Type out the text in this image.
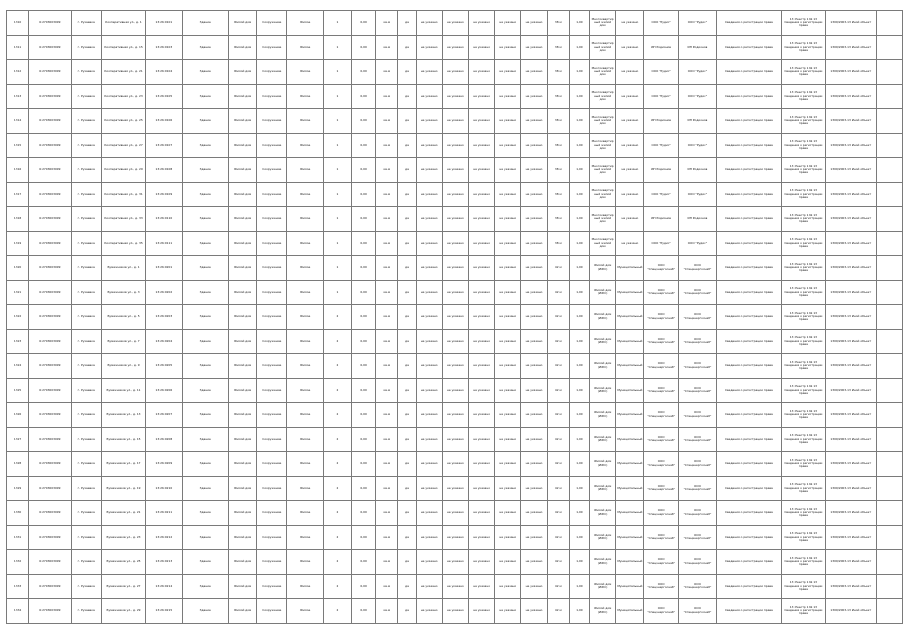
1310	6:2703003099	г. Рузаевка	Кооперативная ул., д. 1	13:26:0101	Здание	Жилой дом	Сооружение	Жилое	1	0,00	кв.м	да	не указано	не указано	не указано	не указано	не указано	38 м	1,00	Многоквартирный жилой дом	не указано	ООО "Рудис"	ООО "Рудис"	Сведения о регистрации права	13 :Реестр 1 № 13 Сведения о регистрации права	1309/2003-13 Иной объект	
1311	6:2703003099	г. Рузаевка	Кооперативная ул., д. 15	13:26:0103	Здание	Жилой дом	Сооружение	Жилое	1	0,00	кв.м	да	не указано	не указано	не указано	не указано	не указано	38 м	1,00	Многоквартирный жилой дом	не указано	ИП Родионов	ИП Родионов	Сведения о регистрации права	13 :Реестр 1 № 13 Сведения о регистрации права	1309/2003-13 Иной объект	
1312	6:2703003099	г. Рузаевка	Кооперативная ул., д. 21	13:26:0104	Здание	Жилой дом	Сооружение	Жилое	1	0,00	кв.м	да	не указано	не указано	не указано	не указано	не указано	38 м	1,00	Многоквартирный жилой дом	не указано	ООО "Рудис"	ООО "Рудис"	Сведения о регистрации права	13 :Реестр 1 № 13 Сведения о регистрации права	1309/2003-13 Иной объект	
1313	6:2703003099	г. Рузаевка	Кооперативная ул., д. 23	13:26:0105	Здание	Жилой дом	Сооружение	Жилое	1	0,00	кв.м	да	не указано	не указано	не указано	не указано	не указано	38 м	1,00	Многоквартирный жилой дом	не указано	ООО "Рудис"	ООО "Рудис"	Сведения о регистрации права	13 :Реестр 1 № 13 Сведения о регистрации права	1309/2003-13 Иной объект	
1314	6:2703003099	г. Рузаевка	Кооперативная ул., д. 25	13:26:0106	Здание	Жилой дом	Сооружение	Жилое	1	0,00	кв.м	да	не указано	не указано	не указано	не указано	не указано	38 м	1,00	Многоквартирный жилой дом	не указано	ИП Родионов	ИП Родионов	Сведения о регистрации права	13 :Реестр 1 № 13 Сведения о регистрации права	1309/2003-13 Иной объект	
1315	6:2703003099	г. Рузаевка	Кооперативная ул., д. 27	13:26:0107	Здание	Жилой дом	Сооружение	Жилое	1	0,00	кв.м	да	не указано	не указано	не указано	не указано	не указано	38 м	1,00	Многоквартирный жилой дом	не указано	ООО "Рудис"	ООО "Рудис"	Сведения о регистрации права	13 :Реестр 1 № 13 Сведения о регистрации права	1309/2003-13 Иной объект	
1316	6:2703003099	г. Рузаевка	Кооперативная ул., д. 29	13:26:0108	Здание	Жилой дом	Сооружение	Жилое	1	0,00	кв.м	да	не указано	не указано	не указано	не указано	не указано	38 м	1,00	Многоквартирный жилой дом	не указано	ИП Родионов	ИП Родионов	Сведения о регистрации права	13 :Реестр 1 № 13 Сведения о регистрации права	1309/2003-13 Иной объект	
1317	6:2703003099	г. Рузаевка	Кооперативная ул., д. 31	13:26:0109	Здание	Жилой дом	Сооружение	Жилое	1	0,00	кв.м	да	не указано	не указано	не указано	не указано	не указано	38 м	1,00	Многоквартирный жилой дом	не указано	ООО "Рудис"	ООО "Рудис"	Сведения о регистрации права	13 :Реестр 1 № 13 Сведения о регистрации права	1309/2003-13 Иной объект	
1318	6:2703003099	г. Рузаевка	Кооперативная ул., д. 33	13:26:0110	Здание	Жилой дом	Сооружение	Жилое	1	0,00	кв.м	да	не указано	не указано	не указано	не указано	не указано	38 м	1,00	Многоквартирный жилой дом	не указано	ИП Родионов	ИП Родионов	Сведения о регистрации права	13 :Реестр 1 № 13 Сведения о регистрации права	1309/2003-13 Иной объект	
1319	6:2703003099	г. Рузаевка	Кооперативная ул., д. 35	13:26:0111	Здание	Жилой дом	Сооружение	Жилое	1	0,00	кв.м	да	не указано	не указано	не указано	не указано	не указано	38 м	1,00	Многоквартирный жилой дом	не указано	ООО "Рудис"	ООО "Рудис"	Сведения о регистрации права	13 :Реестр 1 № 13 Сведения о регистрации права	1309/2003-13 Иной объект	
1320	6:2703003099	г. Рузаевка	Бумажников ул., д. 1	13:26:0201	Здание	Жилой дом	Сооружение	Жилое	1	0,00	кв.м	да	не указано	не указано	не указано	не указано	не указано	42 м	1,00	Жилой дом (ИЖС)	Муниципальный	ООО "Спецэнергоснаб"	ООО "Спецэнергоснаб"	Сведения о регистрации права	13 :Реестр 1 № 13 Сведения о регистрации права	1309/2003-13 Иной объект	
1321	6:2703003099	г. Рузаевка	Бумажников ул., д. 3	13:26:0202	Здание	Жилой дом	Сооружение	Жилое	1	0,00	кв.м	да	не указано	не указано	не указано	не указано	не указано	42 м	1,00	Жилой дом (ИЖС)	Муниципальный	ООО "Спецэнергоснаб"	ООО "Спецэнергоснаб"	Сведения о регистрации права	13 :Реестр 1 № 13 Сведения о регистрации права	1309/2003-13 Иной объект	
1322	6:2703003099	г. Рузаевка	Бумажников ул., д. 5	13:26:0203	Здание	Жилой дом	Сооружение	Жилое	2	0,00	кв.м	да	не указано	не указано	не указано	не указано	не указано	42 м	1,00	Жилой дом (ИЖС)	Муниципальный	ООО "Спецэнергоснаб"	ООО "Спецэнергоснаб"	Сведения о регистрации права	13 :Реестр 1 № 13 Сведения о регистрации права	1309/2003-13 Иной объект	
1323	6:2703003099	г. Рузаевка	Бумажников ул., д. 7	13:26:0204	Здание	Жилой дом	Сооружение	Жилое	2	0,00	кв.м	да	не указано	не указано	не указано	не указано	не указано	42 м	1,00	Жилой дом (ИЖС)	Муниципальный	ООО "Спецэнергоснаб"	ООО "Спецэнергоснаб"	Сведения о регистрации права	13 :Реестр 1 № 13 Сведения о регистрации права	1309/2003-13 Иной объект	
1324	6:2703003099	г. Рузаевка	Бумажников ул., д. 9	13:26:0205	Здание	Жилой дом	Сооружение	Жилое	2	0,00	кв.м	да	не указано	не указано	не указано	не указано	не указано	42 м	1,00	Жилой дом (ИЖС)	Муниципальный	ООО "Спецэнергоснаб"	ООО "Спецэнергоснаб"	Сведения о регистрации права	13 :Реестр 1 № 13 Сведения о регистрации права	1309/2003-13 Иной объект	
1325	6:2703003099	г. Рузаевка	Бумажников ул., д. 11	13:26:0206	Здание	Жилой дом	Сооружение	Жилое	2	0,00	кв.м	да	не указано	не указано	не указано	не указано	не указано	42 м	1,00	Жилой дом (ИЖС)	Муниципальный	ООО "Спецэнергоснаб"	ООО "Спецэнергоснаб"	Сведения о регистрации права	13 :Реестр 1 № 13 Сведения о регистрации права	1309/2003-13 Иной объект	
1326	6:2703003099	г. Рузаевка	Бумажников ул., д. 13	13:26:0207	Здание	Жилой дом	Сооружение	Жилое	2	0,00	кв.м	да	не указано	не указано	не указано	не указано	не указано	42 м	1,00	Жилой дом (ИЖС)	Муниципальный	ООО "Спецэнергоснаб"	ООО "Спецэнергоснаб"	Сведения о регистрации права	13 :Реестр 1 № 13 Сведения о регистрации права	1309/2003-13 Иной объект	
1327	6:2703003099	г. Рузаевка	Бумажников ул., д. 15	13:26:0208	Здание	Жилой дом	Сооружение	Жилое	2	0,00	кв.м	да	не указано	не указано	не указано	не указано	не указано	42 м	1,00	Жилой дом (ИЖС)	Муниципальный	ООО "Спецэнергоснаб"	ООО "Спецэнергоснаб"	Сведения о регистрации права	13 :Реестр 1 № 13 Сведения о регистрации права	1309/2003-13 Иной объект	
1328	6:2703003099	г. Рузаевка	Бумажников ул., д. 17	13:26:0209	Здание	Жилой дом	Сооружение	Жилое	2	0,00	кв.м	да	не указано	не указано	не указано	не указано	не указано	42 м	1,00	Жилой дом (ИЖС)	Муниципальный	ООО "Спецэнергоснаб"	ООО "Спецэнергоснаб"	Сведения о регистрации права	13 :Реестр 1 № 13 Сведения о регистрации права	1309/2003-13 Иной объект	
1329	6:2703003099	г. Рузаевка	Бумажников ул., д. 19	13:26:0210	Здание	Жилой дом	Сооружение	Жилое	2	0,00	кв.м	да	не указано	не указано	не указано	не указано	не указано	42 м	1,00	Жилой дом (ИЖС)	Муниципальный	ООО "Спецэнергоснаб"	ООО "Спецэнергоснаб"	Сведения о регистрации права	13 :Реестр 1 № 13 Сведения о регистрации права	1309/2003-13 Иной объект	
1330	6:2703003099	г. Рузаевка	Бумажников ул., д. 21	13:26:0211	Здание	Жилой дом	Сооружение	Жилое	2	0,00	кв.м	да	не указано	не указано	не указано	не указано	не указано	42 м	1,00	Жилой дом (ИЖС)	Муниципальный	ООО "Спецэнергоснаб"	ООО "Спецэнергоснаб"	Сведения о регистрации права	13 :Реестр 1 № 13 Сведения о регистрации права	1309/2003-13 Иной объект	
1331	6:2703003099	г. Рузаевка	Бумажников ул., д. 23	13:26:0212	Здание	Жилой дом	Сооружение	Жилое	2	0,00	кв.м	да	не указано	не указано	не указано	не указано	не указано	42 м	1,00	Жилой дом (ИЖС)	Муниципальный	ООО "Спецэнергоснаб"	ООО "Спецэнергоснаб"	Сведения о регистрации права	13 :Реестр 1 № 13 Сведения о регистрации права	1309/2003-13 Иной объект	
1332	6:2703003099	г. Рузаевка	Бумажников ул., д. 25	13:26:0213	Здание	Жилой дом	Сооружение	Жилое	2	0,00	кв.м	да	не указано	не указано	не указано	не указано	не указано	42 м	1,00	Жилой дом (ИЖС)	Муниципальный	ООО "Спецэнергоснаб"	ООО "Спецэнергоснаб"	Сведения о регистрации права	13 :Реестр 1 № 13 Сведения о регистрации права	1309/2003-13 Иной объект	
1333	6:2703003099	г. Рузаевка	Бумажников ул., д. 27	13:26:0214	Здание	Жилой дом	Сооружение	Жилое	2	0,00	кв.м	да	не указано	не указано	не указано	не указано	не указано	42 м	1,00	Жилой дом (ИЖС)	Муниципальный	ООО "Спецэнергоснаб"	ООО "Спецэнергоснаб"	Сведения о регистрации права	13 :Реестр 1 № 13 Сведения о регистрации права	1309/2003-13 Иной объект	
1334	6:2703003099	г. Рузаевка	Бумажников ул., д. 29	13:26:0215	Здание	Жилой дом	Сооружение	Жилое	2	0,00	кв.м	да	не указано	не указано	не указано	не указано	не указано	42 м	1,00	Жилой дом (ИЖС)	Муниципальный	ООО "Спецэнергоснаб"	ООО "Спецэнергоснаб"	Сведения о регистрации права	13 :Реестр 1 № 13 Сведения о регистрации права	1309/2003-13 Иной объект	
